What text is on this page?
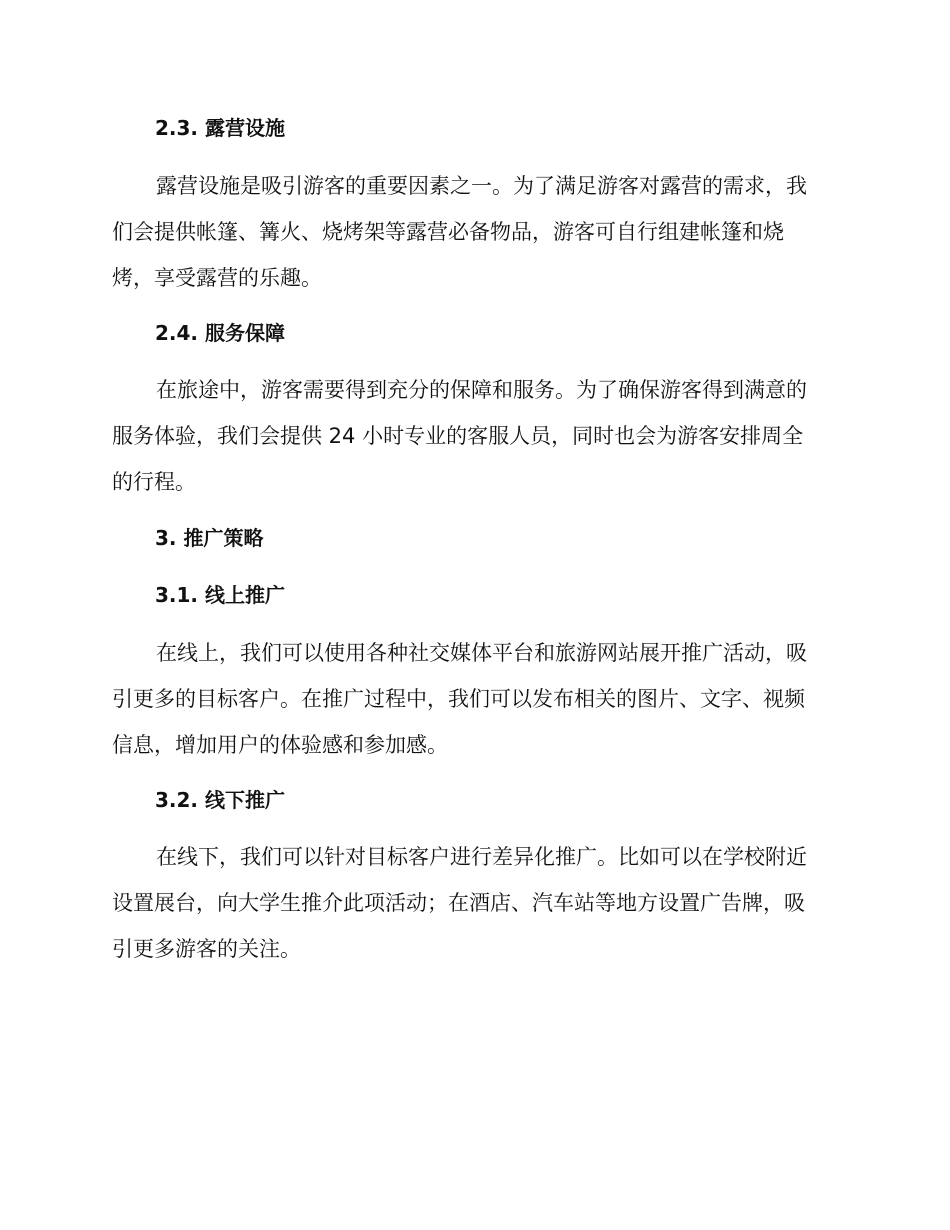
2.3. 露营设施
露营设施是吸引游客的重要因素之一。为了满足游客对露营的需求，我
们会提供帐篷、篝火、烧烤架等露营必备物品，游客可自行组建帐篷和烧
烤，享受露营的乐趣。
2.4. 服务保障
在旅途中，游客需要得到充分的保障和服务。为了确保游客得到满意的
服务体验，我们会提供 24 小时专业的客服人员，同时也会为游客安排周全
的行程。
3. 推广策略
3.1. 线上推广
在线上，我们可以使用各种社交媒体平台和旅游网站展开推广活动，吸
引更多的目标客户。在推广过程中，我们可以发布相关的图片、文字、视频
信息，增加用户的体验感和参加感。
3.2. 线下推广
在线下，我们可以针对目标客户进行差异化推广。比如可以在学校附近
设置展台，向大学生推介此项活动；在酒店、汽车站等地方设置广告牌，吸
引更多游客的关注。
